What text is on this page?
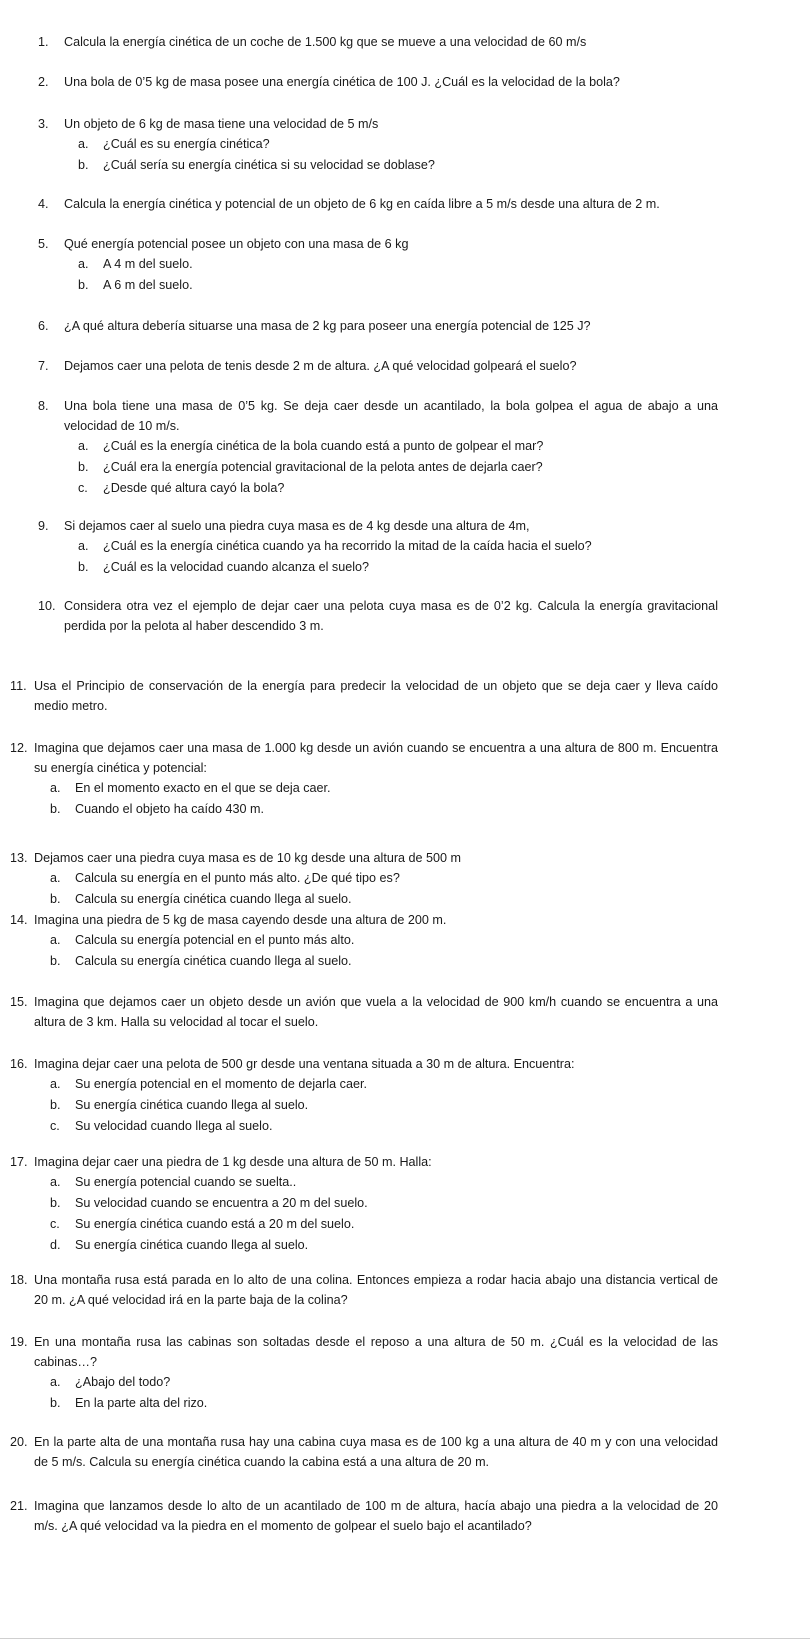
1.	Calcula la energía cinética de un coche de 1.500 kg que se mueve a una velocidad de 60 m/s
2.	Una bola de 0’5 kg de masa posee una energía cinética de 100 J. ¿Cuál es la velocidad de la bola?
3.	Un objeto de 6 kg de masa tiene una velocidad de 5 m/s
a.	¿Cuál es su energía cinética?
b.	¿Cuál sería su energía cinética si su velocidad se doblase?
4.	Calcula la energía cinética y potencial de un objeto de 6 kg en caída libre a 5 m/s desde una altura de 2 m.
5.	Qué energía potencial posee un objeto con una masa de 6 kg
a.	A 4 m del suelo.
b.	A 6 m del suelo.
6.	¿A qué altura debería situarse una masa de 2 kg para poseer una energía potencial de 125 J?
7.	Dejamos caer una pelota de tenis desde 2 m de altura. ¿A qué velocidad golpeará el suelo?
8.	Una bola tiene una masa de 0’5 kg. Se deja caer desde un acantilado, la bola golpea el agua de abajo a una velocidad de 10 m/s.
a.	¿Cuál es la energía cinética de la bola cuando está a punto de golpear el mar?
b.	¿Cuál era la energía potencial gravitacional de la pelota antes de dejarla caer?
c.	¿Desde qué altura cayó la bola?
9.	Si dejamos caer al suelo una piedra cuya masa es de 4 kg desde una altura de 4m,
a.	¿Cuál es la energía cinética cuando ya ha recorrido la mitad de la caída hacia el suelo?
b.	¿Cuál es la velocidad cuando alcanza el suelo?
10. Considera otra vez el ejemplo de dejar caer una pelota cuya masa es de 0’2 kg. Calcula la energía gravitacional perdida por la pelota al haber descendido 3 m.
11. Usa el Principio de conservación de la energía para predecir la velocidad de un objeto que se deja caer y lleva caído medio metro.
12. Imagina que dejamos caer una masa de 1.000 kg desde un avión cuando se encuentra a una altura de 800 m. Encuentra su energía cinética y potencial:
a.	En el momento exacto en el que se deja caer.
b.	Cuando el objeto ha caído 430 m.
13. Dejamos caer una piedra cuya masa es de 10 kg desde una altura de 500 m
a.	Calcula su energía en el punto más alto. ¿De qué tipo es?
b.	Calcula su energía cinética cuando llega al suelo.
14. Imagina una piedra de 5 kg de masa cayendo desde una altura de 200 m.
a.	Calcula su energía potencial en el punto más alto.
b.	Calcula su energía cinética cuando llega al suelo.
15. Imagina que dejamos caer un objeto desde un avión que vuela a la velocidad de 900 km/h cuando se encuentra a una altura de 3 km. Halla su velocidad al tocar el suelo.
16. Imagina dejar caer una pelota de 500 gr desde una ventana situada a 30 m de altura. Encuentra:
a.	Su energía potencial en el momento de dejarla caer.
b.	Su energía cinética cuando llega al suelo.
c.	Su velocidad cuando llega al suelo.
17. Imagina dejar caer una piedra de 1 kg desde una altura de 50 m. Halla:
a.	Su energía potencial cuando se suelta..
b.	Su velocidad cuando se encuentra a 20 m del suelo.
c.	Su energía cinética cuando está a 20 m del suelo.
d.	Su energía cinética cuando llega al suelo.
18. Una montaña rusa está parada en lo alto de una colina. Entonces empieza a rodar hacia abajo una distancia vertical de 20 m. ¿A qué velocidad irá en la parte baja de la colina?
19. En una montaña rusa las cabinas son soltadas desde el reposo a una altura de 50 m. ¿Cuál es la velocidad de las cabinas…?
a.	¿Abajo del todo?
b.	En la parte alta del rizo.
20. En la parte alta de una montaña rusa hay una cabina cuya masa es de 100 kg a una altura de 40 m y con una velocidad de 5 m/s. Calcula su energía cinética cuando la cabina está a una altura de 20 m.
21. Imagina que lanzamos desde lo alto de un acantilado de 100 m de altura, hacía abajo una piedra a la velocidad de 20 m/s. ¿A qué velocidad va la piedra en el momento de golpear el suelo bajo el acantilado?
